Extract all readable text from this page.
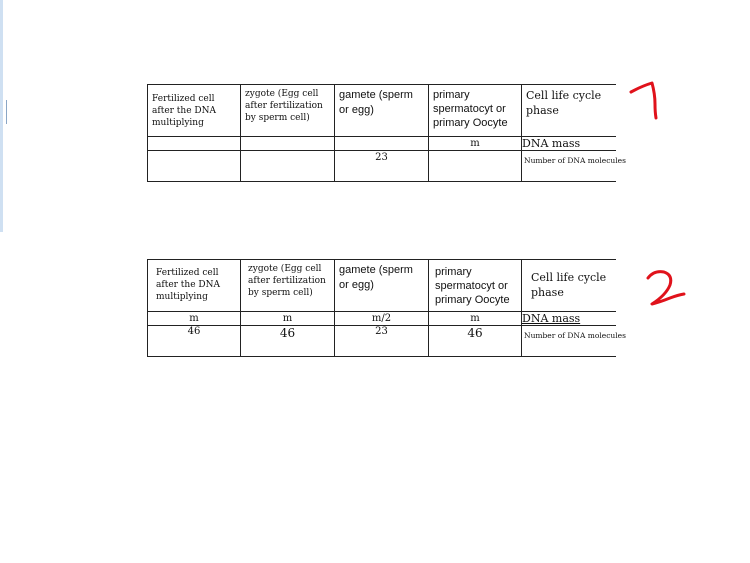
Fertilized cell after the DNA multiplying	zygote (Egg cell after fertilization by sperm cell)	gamete (sperm or egg)	primary spermatocyt or primary Oocyte	Cell life cycle phase
			m	DNA mass
		23		Number of DNA molecules
Fertilized cell after the DNA multiplying	zygote (Egg cell after fertilization by sperm cell)	gamete (sperm or egg)	primary spermatocyt or primary Oocyte	Cell life cycle phase
m	m	m/2	m	DNA mass
46	46	23	46	Number of DNA molecules
